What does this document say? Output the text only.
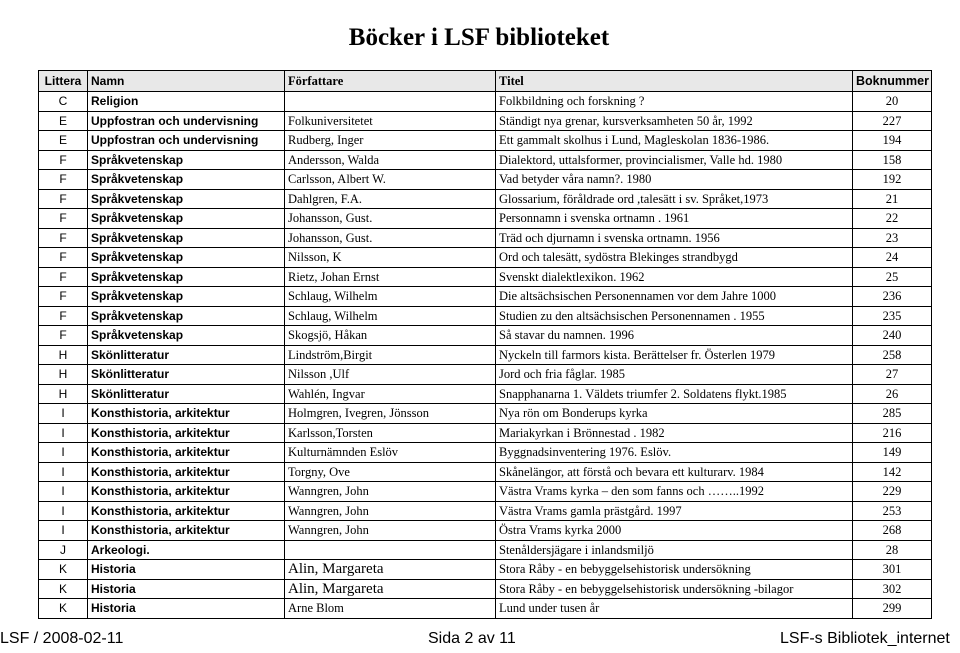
Böcker i LSF biblioteket
Littera	Namn	Författare	Titel	Boknummer
C	Religion		Folkbildning och forskning ?	20
E	Uppfostran och undervisning	Folkuniversitetet	Ständigt nya grenar, kursverksamheten 50 år, 1992	227
E	Uppfostran och undervisning	Rudberg, Inger	Ett gammalt skolhus i Lund, Magleskolan 1836-1986.	194
F	Språkvetenskap	Andersson, Walda	Dialektord, uttalsformer, provincialismer, Valle hd. 1980	158
F	Språkvetenskap	Carlsson, Albert W.	Vad betyder våra namn?. 1980	192
F	Språkvetenskap	Dahlgren, F.A.	Glossarium, föråldrade ord ,talesätt i sv. Språket,1973	21
F	Språkvetenskap	Johansson, Gust.	Personnamn i svenska ortnamn . 1961	22
F	Språkvetenskap	Johansson, Gust.	Träd och djurnamn i svenska ortnamn. 1956	23
F	Språkvetenskap	Nilsson, K	Ord och talesätt, sydöstra Blekinges strandbygd	24
F	Språkvetenskap	Rietz, Johan Ernst	Svenskt dialektlexikon. 1962	25
F	Språkvetenskap	Schlaug, Wilhelm	Die altsächsischen Personennamen vor dem Jahre 1000	236
F	Språkvetenskap	Schlaug, Wilhelm	Studien zu den altsächsischen Personennamen . 1955	235
F	Språkvetenskap	Skogsjö, Håkan	Så stavar du namnen. 1996	240
H	Skönlitteratur	Lindström,Birgit	Nyckeln till farmors kista. Berättelser fr. Österlen 1979	258
H	Skönlitteratur	Nilsson ,Ulf	Jord och fria fåglar. 1985	27
H	Skönlitteratur	Wahlén, Ingvar	Snapphanarna 1. Väldets triumfer 2. Soldatens flykt.1985	26
I	Konsthistoria, arkitektur	Holmgren, Ivegren, Jönsson	Nya rön om Bonderups kyrka	285
I	Konsthistoria, arkitektur	Karlsson,Torsten	Mariakyrkan i Brönnestad . 1982	216
I	Konsthistoria, arkitektur	Kulturnämnden Eslöv	Byggnadsinventering 1976. Eslöv.	149
I	Konsthistoria, arkitektur	Torgny, Ove	Skånelängor, att förstå och bevara ett kulturarv. 1984	142
I	Konsthistoria, arkitektur	Wanngren, John	Västra Vrams kyrka – den som fanns och ……..1992	229
I	Konsthistoria, arkitektur	Wanngren, John	Västra Vrams gamla prästgård. 1997	253
I	Konsthistoria, arkitektur	Wanngren, John	Östra Vrams kyrka 2000	268
J	Arkeologi.		Stenåldersjägare i inlandsmiljö	28
K	Historia	Alin, Margareta	Stora Råby - en bebyggelsehistorisk undersökning	301
K	Historia	Alin, Margareta	Stora Råby - en bebyggelsehistorisk undersökning -bilagor	302
K	Historia	Arne Blom	Lund under tusen år	299
LSF / 2008-02-11	Sida 2 av 11	LSF-s Bibliotek_internet
